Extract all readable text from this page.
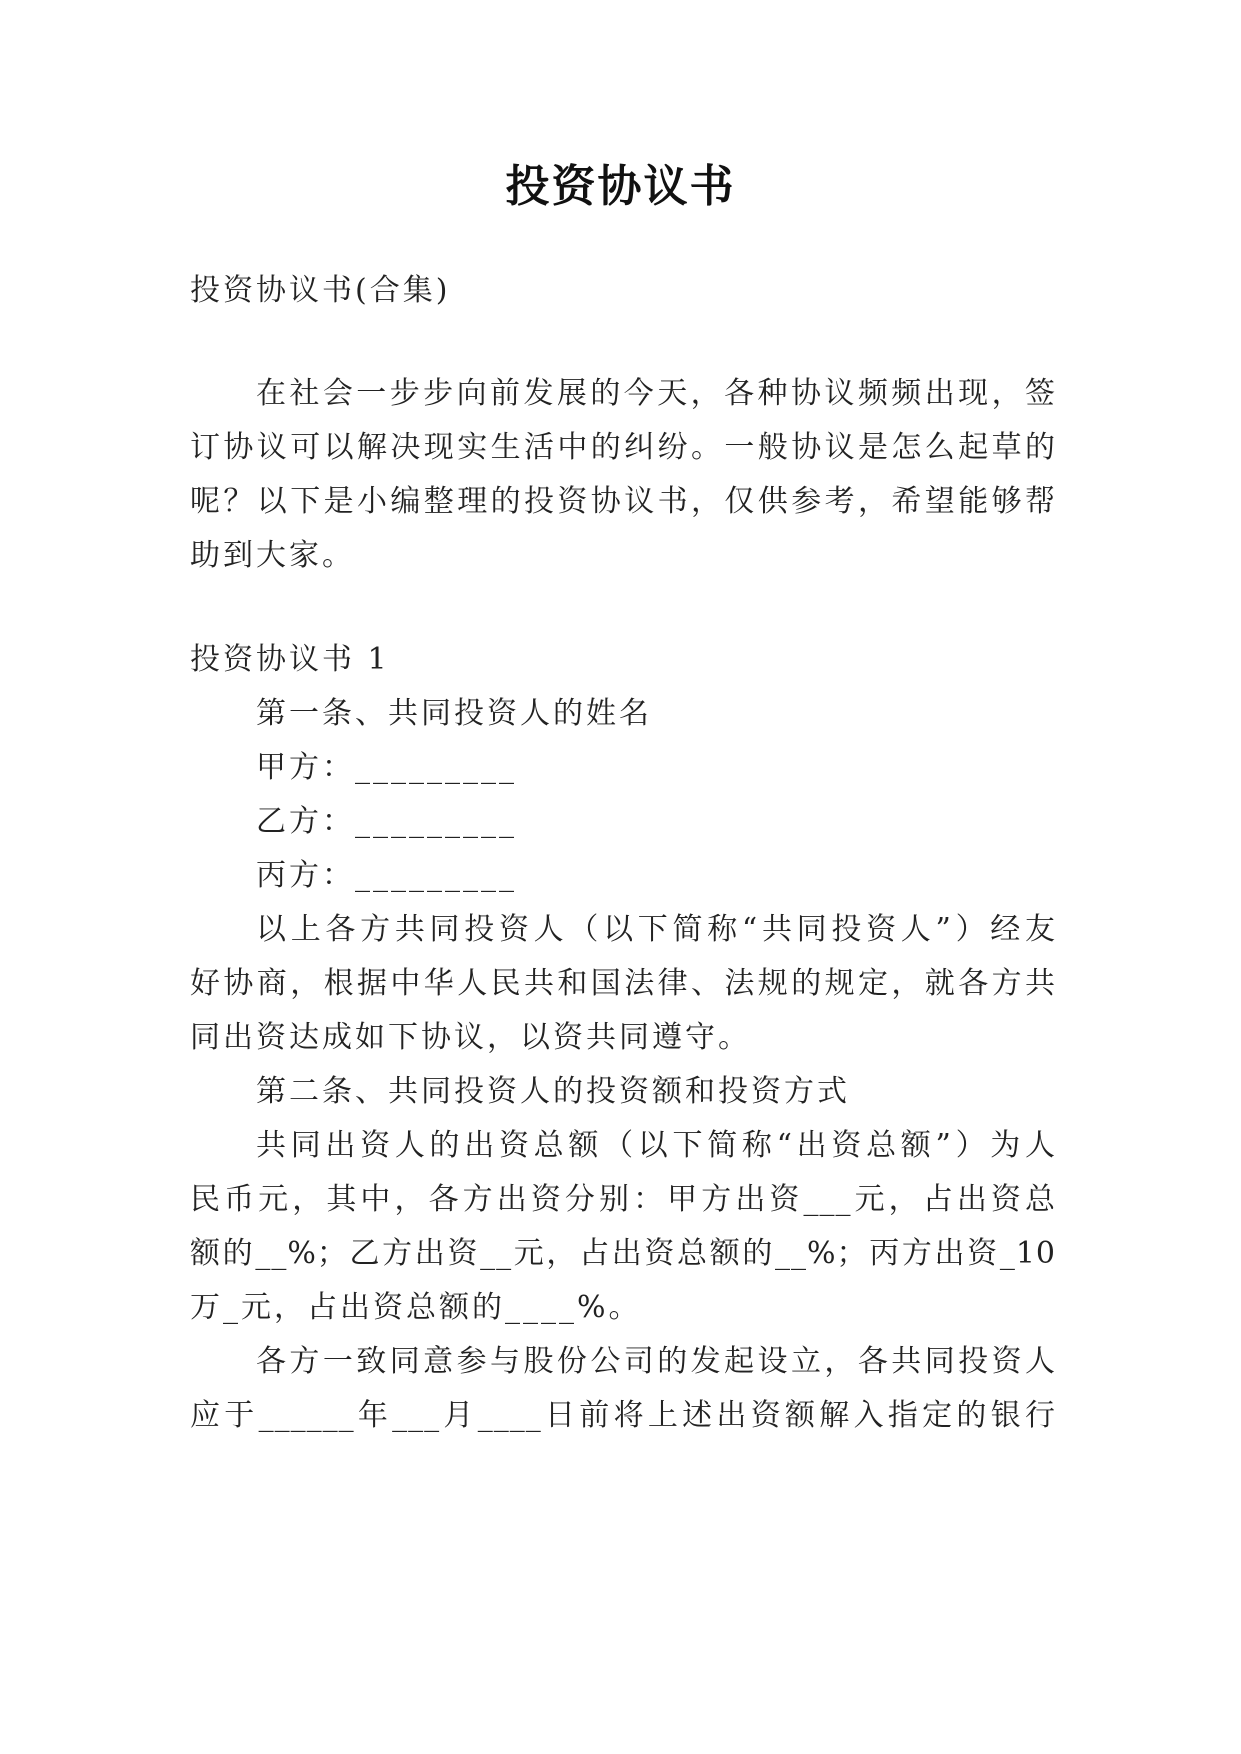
投资协议书
投资协议书(合集)
在社会一步步向前发展的今天，各种协议频频出现，签
订协议可以解决现实生活中的纠纷。一般协议是怎么起草的
呢？以下是小编整理的投资协议书，仅供参考，希望能够帮
助到大家。
投资协议书 1
第一条、共同投资人的姓名
甲方：_________
乙方：_________
丙方：_________
以上各方共同投资人（以下简称“共同投资人”）经友
好协商，根据中华人民共和国法律、法规的规定，就各方共
同出资达成如下协议，以资共同遵守。
第二条、共同投资人的投资额和投资方式
共同出资人的出资总额（以下简称“出资总额”）为人
民币元，其中，各方出资分别：甲方出资___元，占出资总
额的__%；乙方出资__元，占出资总额的__%；丙方出资_10
万_元，占出资总额的____%。
各方一致同意参与股份公司的发起设立，各共同投资人
应于______年___月____日前将上述出资额解入指定的银行
